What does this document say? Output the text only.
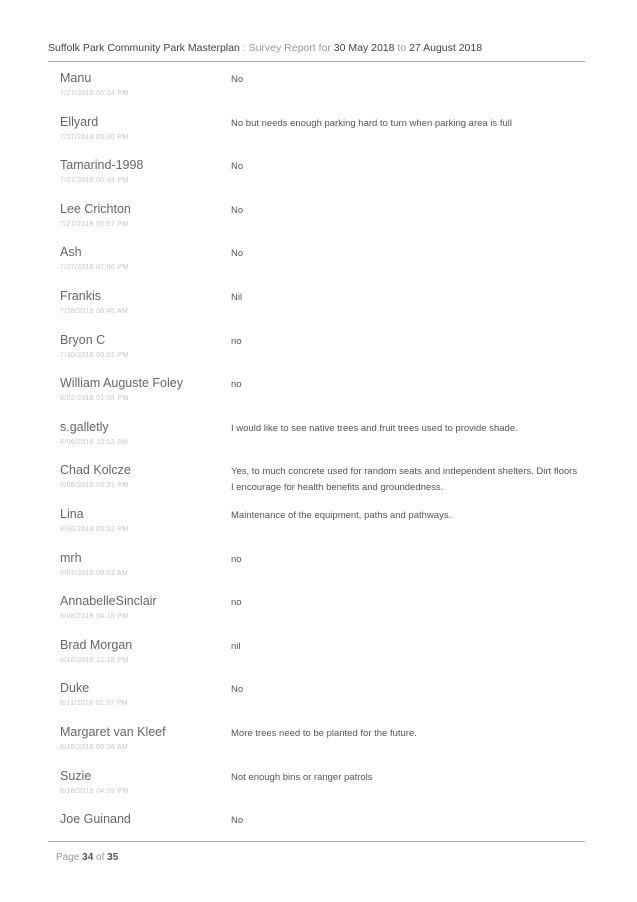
Suffolk Park Community Park Masterplan : Survey Report for 30 May 2018 to 27 August 2018
Manu
7/27/2018 05:24 PM
No
Ellyard
7/27/2018 05:30 PM
No but needs enough parking hard to turn when parking area is full
Tamarind-1998
7/27/2018 05:43 PM
No
Lee Crichton
7/27/2018 05:57 PM
No
Ash
7/27/2018 07:06 PM
No
Frankis
7/28/2018 08:45 AM
Nil
Bryon C
7/30/2018 03:01 PM
no
William Auguste Foley
8/02/2018 01:38 PM
no
s.galletly
8/06/2018 10:52 AM
I would like to see native trees and fruit trees used to provide shade.
Chad Kolcze
8/06/2018 03:31 PM
Yes, to much concrete used for random seats and independent shelters. Dirt floors I encourage for health benefits and groundedness.
Lina
8/06/2018 05:32 PM
Maintenance of the equipment, paths and pathways.
mrh
8/07/2018 09:53 AM
no
AnnabelleSinclair
8/08/2018 04:15 PM
no
Brad Morgan
8/10/2018 12:15 PM
nil
Duke
8/11/2018 02:07 PM
No
Margaret van Kleef
8/15/2018 09:36 AM
More trees need to be planted for the future.
Suzie
8/18/2018 04:35 PM
Not enough bins or ranger patrols
Joe Guinand	No
Page 34 of 35
